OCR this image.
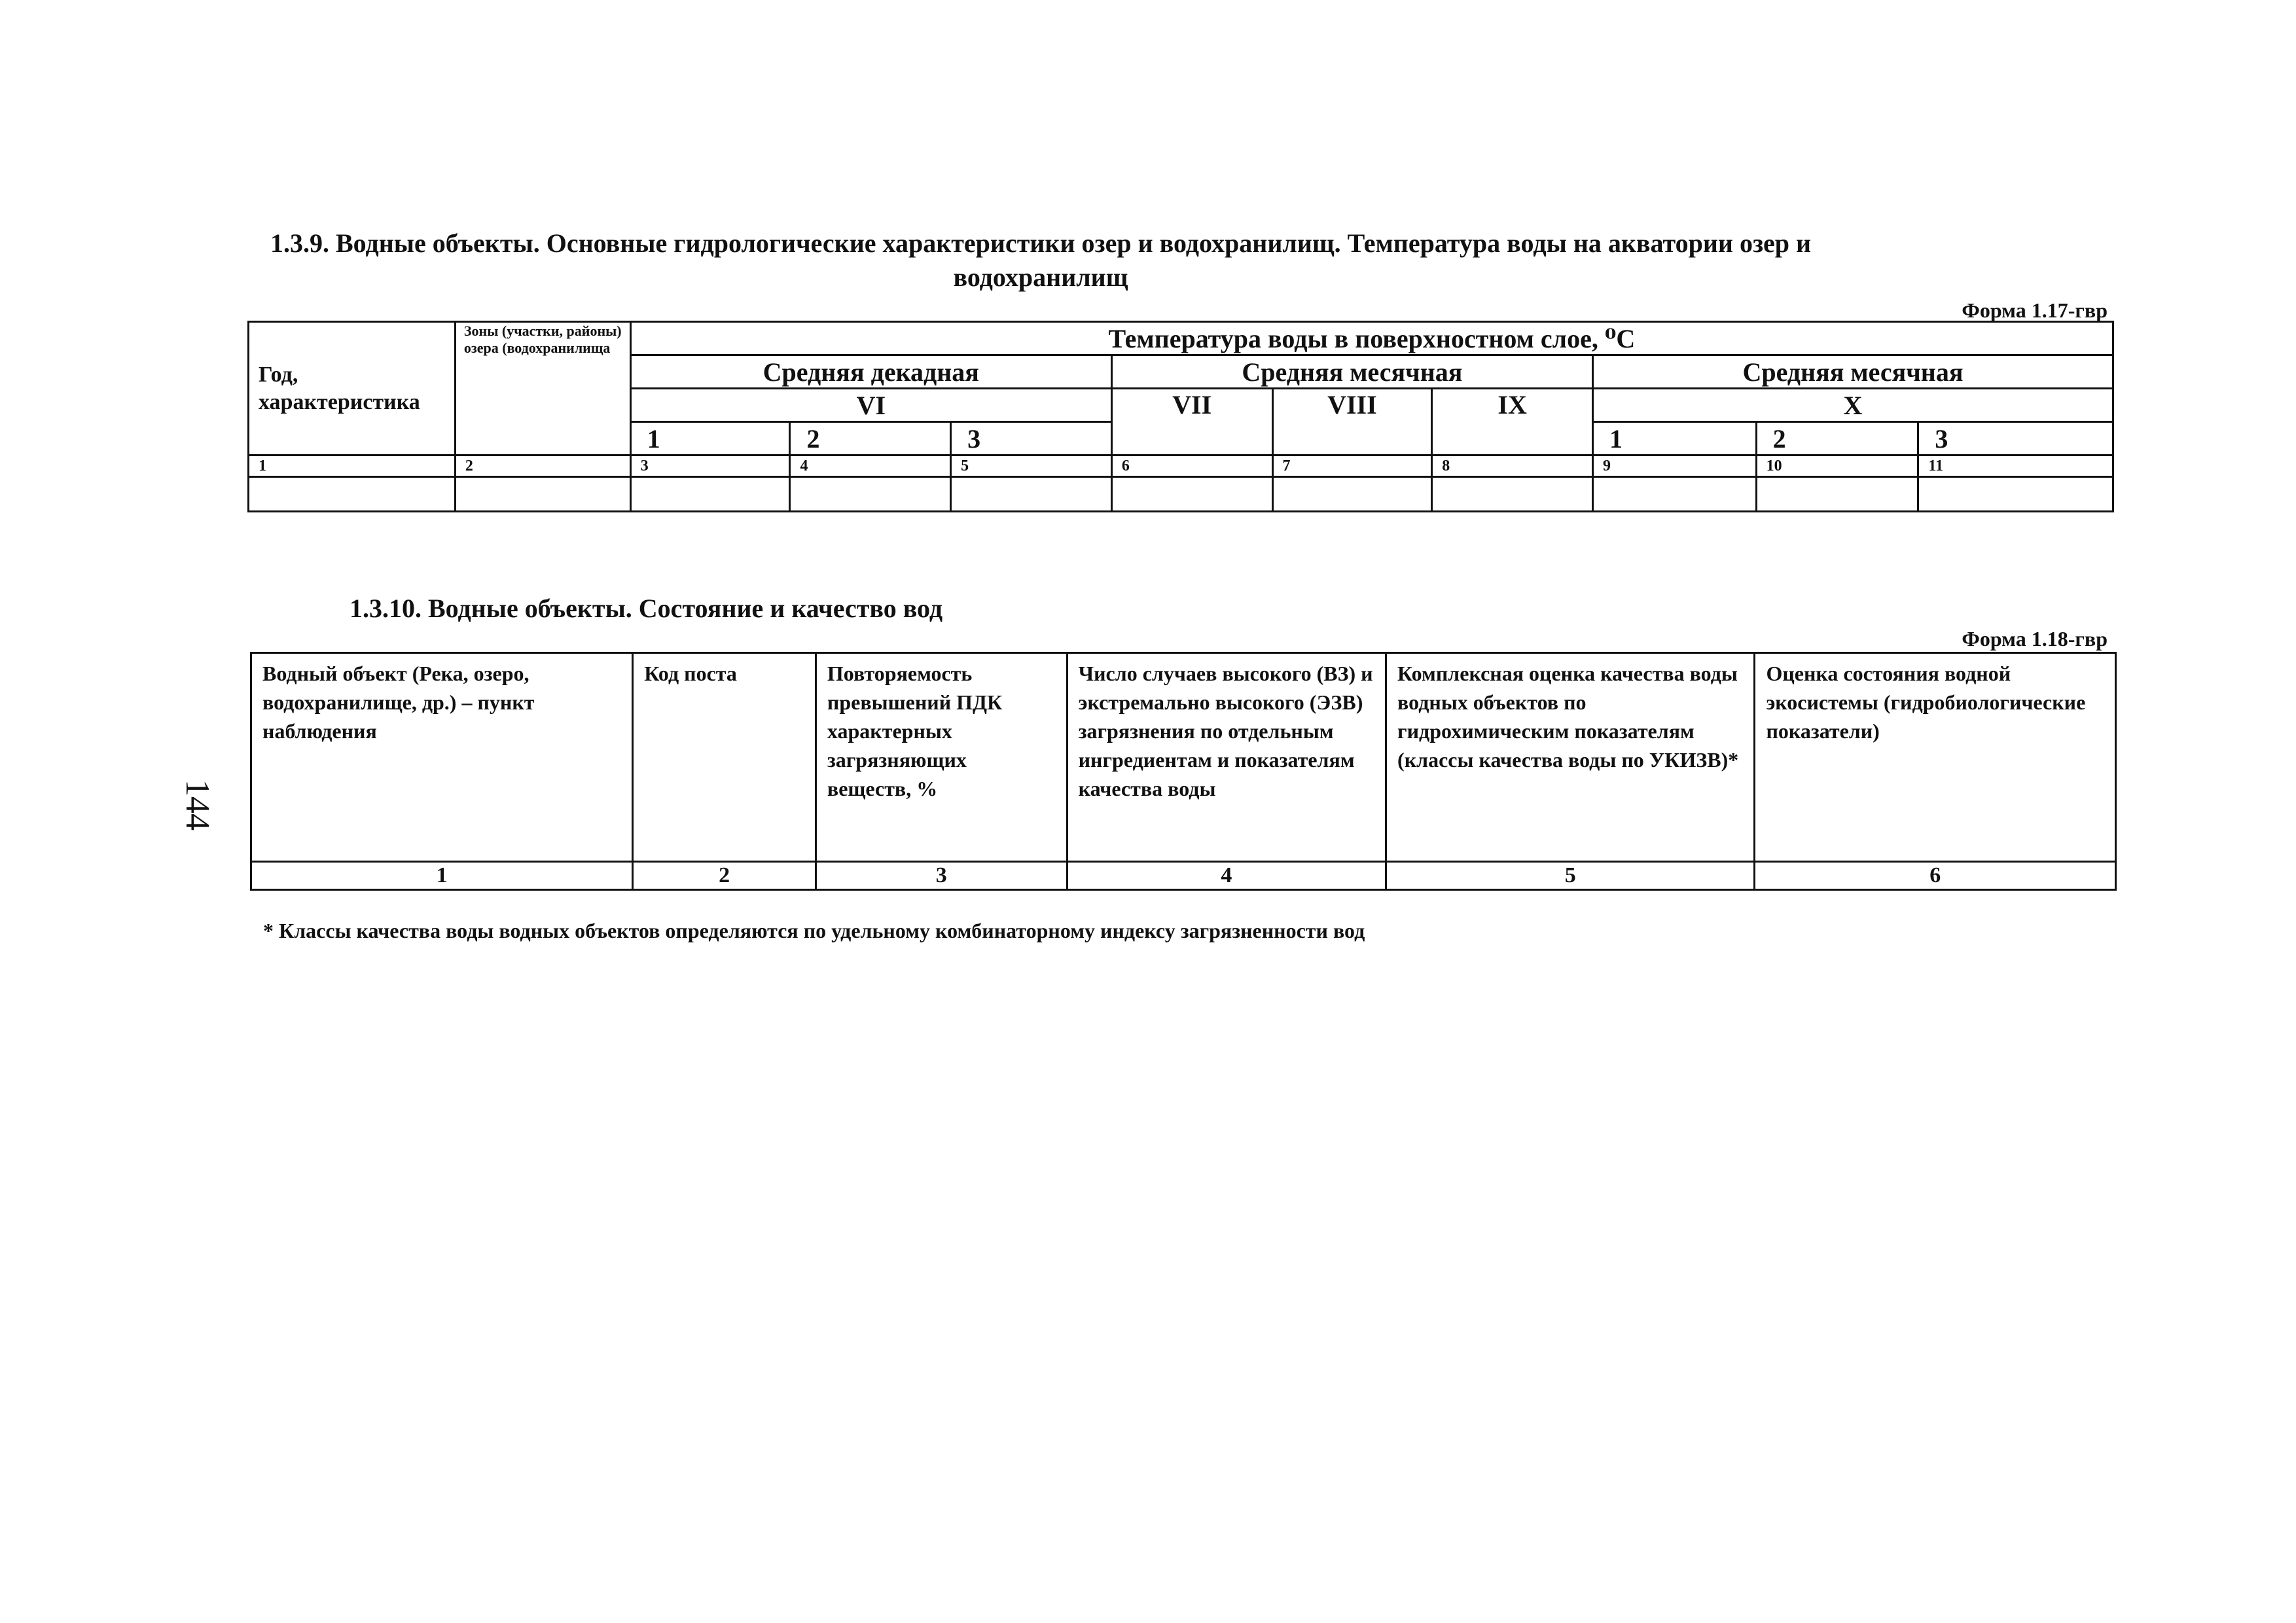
144
1.3.9. Водные объекты. Основные гидрологические характеристики озер и водохранилищ. Температура воды на акватории озер и водохранилищ
Форма 1.17-гвр
Год, характеристика	Зоны (участки, районы) озера (водохранилища	Температура воды в поверхностном слое, ⁰С								
		Средняя декадная			Средняя месячная			Средняя месячная		
		VI			VII	VIII	IX	X		
		1	2	3				1	2	3
1	2	3	4	5	6	7	8	9	10	11

1.3.10. Водные объекты. Состояние и качество вод
Форма 1.18-гвр
Водный объект (Река, озеро, водохранилище, др.) – пункт наблюдения	Код поста	Повторяемость превышений ПДК характерных загрязняющих веществ, %	Число случаев высокого (ВЗ) и экстремально высокого (ЭЗВ) загрязнения по отдельным ингредиентам и показателям качества воды	Комплексная оценка качества воды водных объектов по гидрохимическим показателям (классы качества воды по УКИЗВ)*	Оценка состояния водной экосистемы (гидробиологические показатели)
1	2	3	4	5	6
* Классы качества воды водных объектов определяются по удельному комбинаторному индексу загрязненности вод
